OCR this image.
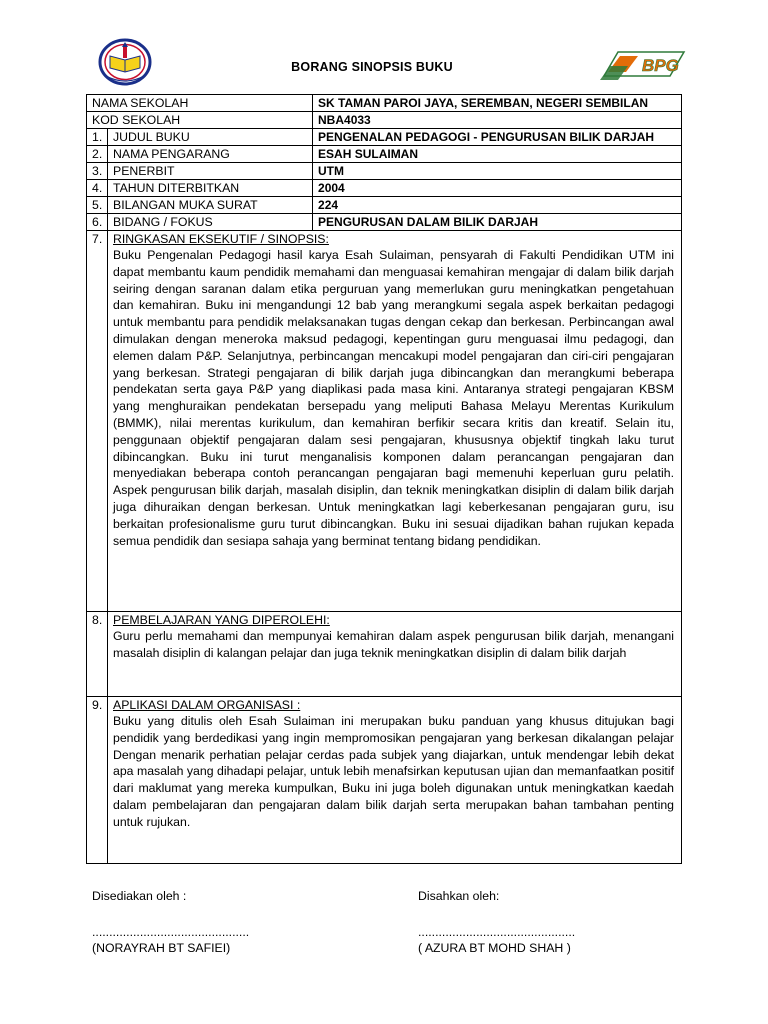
BORANG SINOPSIS BUKU	BPG
NAMA SEKOLAH		SK TAMAN PAROI JAYA, SEREMBAN, NEGERI SEMBILAN
KOD SEKOLAH		NBA4033
1.	JUDUL BUKU	PENGENALAN PEDAGOGI - PENGURUSAN BILIK DARJAH
2.	NAMA PENGARANG	ESAH SULAIMAN
3.	PENERBIT	UTM
4.	TAHUN DITERBITKAN	2004
5.	BILANGAN MUKA SURAT	224
6.	BIDANG / FOKUS	PENGURUSAN DALAM BILIK DARJAH
7.	RINGKASAN EKSEKUTIF / SINOPSIS:
Buku Pengenalan Pedagogi hasil karya Esah Sulaiman, pensyarah di Fakulti Pendidikan UTM ini dapat membantu kaum pendidik memahami dan menguasai kemahiran mengajar di dalam bilik darjah seiring dengan saranan dalam etika perguruan yang memerlukan guru meningkatkan pengetahuan dan kemahiran. Buku ini mengandungi 12 bab yang merangkumi segala aspek berkaitan pedagogi untuk membantu para pendidik melaksanakan tugas dengan cekap dan berkesan. Perbincangan awal dimulakan dengan meneroka maksud pedagogi, kepentingan guru menguasai ilmu pedagogi, dan elemen dalam P&P. Selanjutnya, perbincangan mencakupi model pengajaran dan ciri-ciri pengajaran yang berkesan. Strategi pengajaran di bilik darjah juga dibincangkan dan merangkumi beberapa pendekatan serta gaya P&P yang diaplikasi pada masa kini. Antaranya strategi pengajaran KBSM yang menghuraikan pendekatan bersepadu yang meliputi Bahasa Melayu Merentas Kurikulum (BMMK), nilai merentas kurikulum, dan kemahiran berfikir secara kritis dan kreatif. Selain itu, penggunaan objektif pengajaran dalam sesi pengajaran, khususnya objektif tingkah laku turut dibincangkan. Buku ini turut menganalisis komponen dalam perancangan pengajaran dan menyediakan beberapa contoh perancangan pengajaran bagi memenuhi keperluan guru pelatih. Aspek pengurusan bilik darjah, masalah disiplin, dan teknik meningkatkan disiplin di dalam bilik darjah juga dihuraikan dengan berkesan. Untuk meningkatkan lagi keberkesanan pengajaran guru, isu berkaitan profesionalisme guru turut dibincangkan. Buku ini sesuai dijadikan bahan rujukan kepada semua pendidik dan sesiapa sahaja yang berminat tentang bidang pendidikan.	

8.	PEMBELAJARAN YANG DIPEROLEHI:
Guru perlu memahami dan mempunyai kemahiran dalam aspek pengurusan bilik darjah, menangani masalah disiplin di kalangan pelajar dan juga teknik meningkatkan disiplin di dalam bilik darjah	

9.	APLIKASI DALAM ORGANISASI :
Buku yang ditulis oleh Esah Sulaiman ini merupakan buku panduan yang khusus ditujukan bagi pendidik yang berdedikasi yang ingin mempromosikan pengajaran yang berkesan dikalangan pelajar Dengan menarik perhatian pelajar cerdas pada subjek yang diajarkan, untuk mendengar lebih dekat apa masalah yang dihadapi pelajar, untuk lebih menafsirkan keputusan ujian dan memanfaatkan positif dari maklumat yang mereka kumpulkan, Buku ini juga boleh digunakan untuk meningkatkan kaedah dalam pembelajaran dan pengajaran dalam bilik darjah serta merupakan bahan tambahan penting untuk rujukan.	
Disediakan oleh :
..............................................
(NORAYRAH BT SAFIEI)
Disahkan oleh:
..............................................
( AZURA BT MOHD SHAH )
